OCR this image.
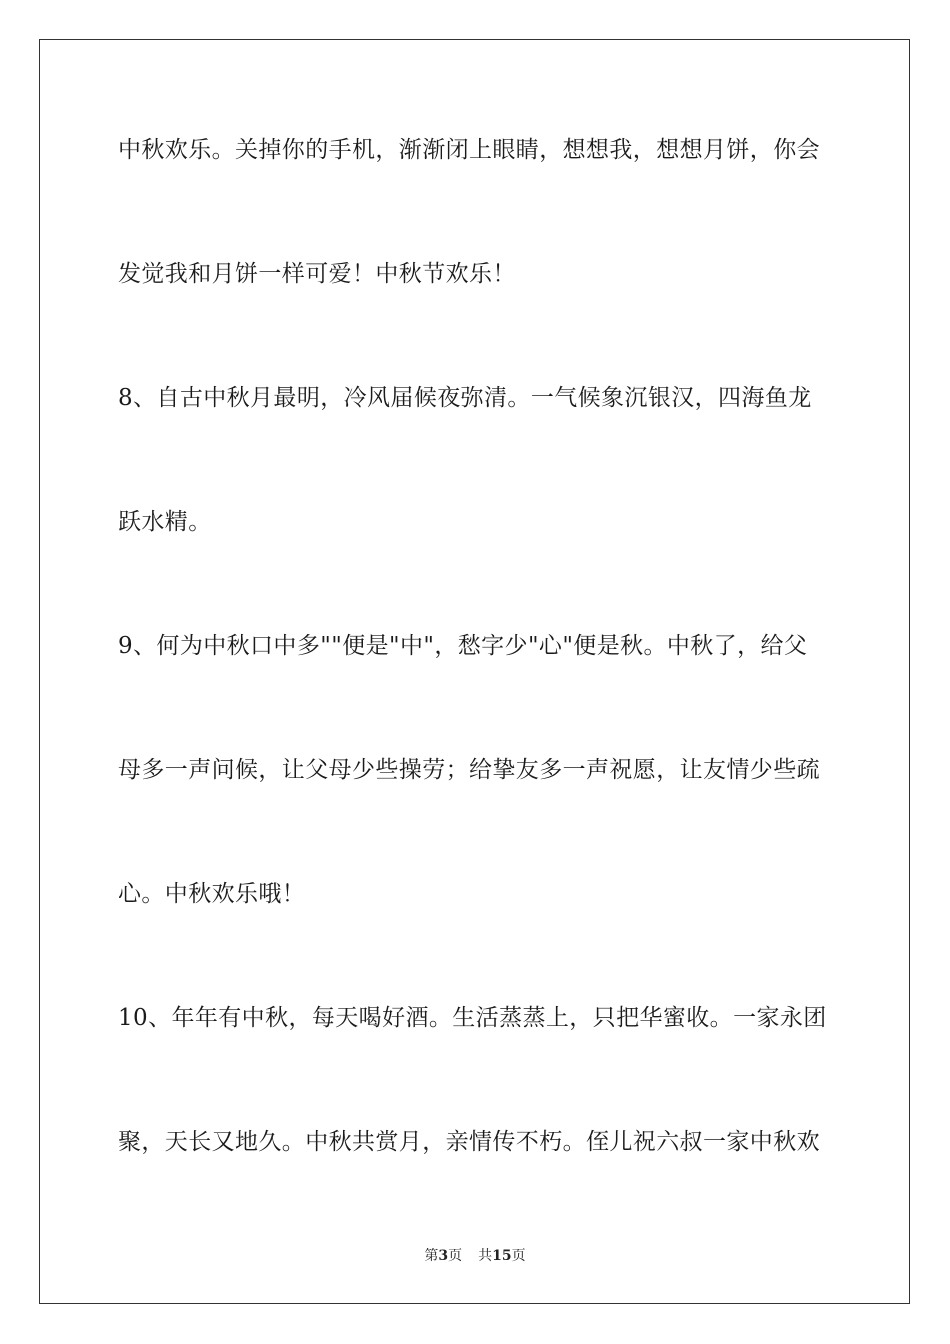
中秋欢乐。关掉你的手机，渐渐闭上眼睛，想想我，想想月饼，你会
发觉我和月饼一样可爱！中秋节欢乐！
8、自古中秋月最明，冷风届候夜弥清。一气候象沉银汉，四海鱼龙
跃水精。
9、何为中秋口中多""便是"中"，愁字少"心"便是秋。中秋了，给父
母多一声问候，让父母少些操劳；给挚友多一声祝愿，让友情少些疏
心。中秋欢乐哦！
10、年年有中秋，每天喝好酒。生活蒸蒸上，只把华蜜收。一家永团
聚，天长又地久。中秋共赏月，亲情传不朽。侄儿祝六叔一家中秋欢
第3页 共15页
